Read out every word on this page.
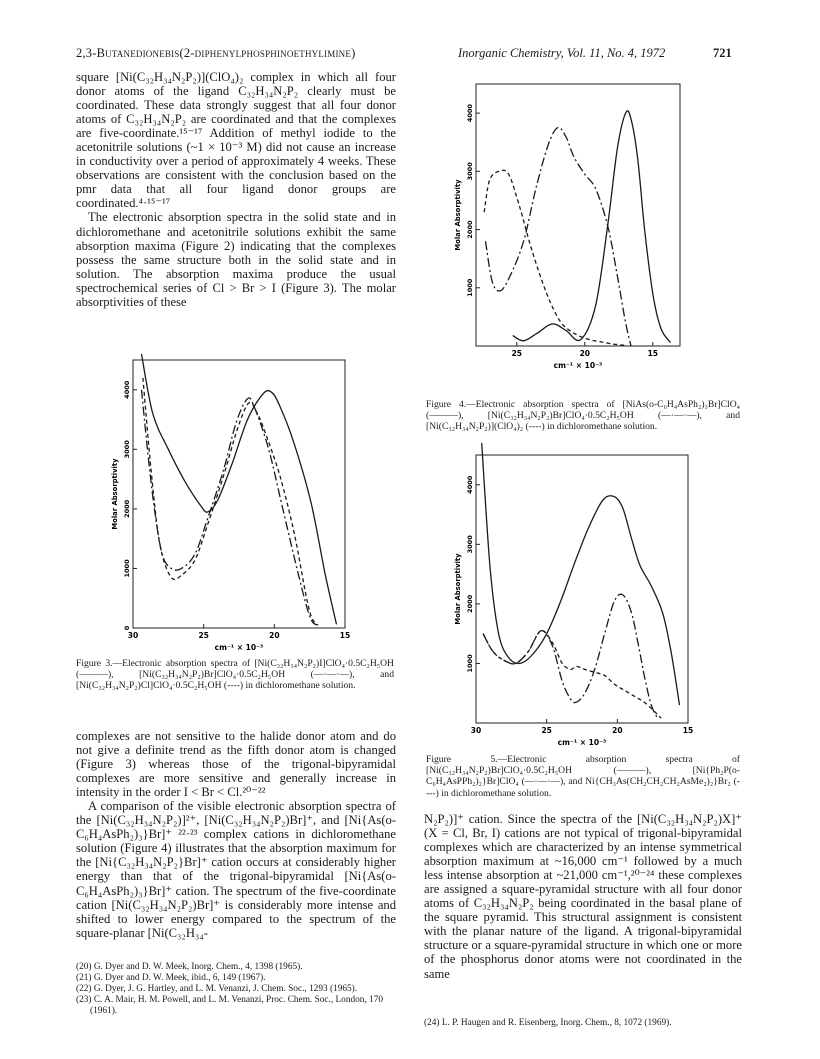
2,3-Butanedionebis(2-diphenylphosphinoethylimine)	Inorganic Chemistry, Vol. 11, No. 4, 1972	721

square [Ni(C₃₂H₃₄N₂P₂)](ClO₄)₂ complex in which all four donor atoms of the ligand C₃₂H₃₄N₂P₂ clearly must be coordinated. These data strongly suggest that all four donor atoms of C₃₂H₃₄N₂P₂ are coordinated and that the complexes are five-coordinate.¹⁵⁻¹⁷ Addition of methyl iodide to the acetonitrile solutions (~1 × 10⁻³ M) did not cause an increase in conductivity over a period of approximately 4 weeks. These observations are consistent with the conclusion based on the pmr data that all four ligand donor groups are coordinated.⁴·¹⁵⁻¹⁷

The electronic absorption spectra in the solid state and in dichloromethane and acetonitrile solutions exhibit the same absorption maxima (Figure 2) indicating that the complexes possess the same structure both in the solid state and in solution. The absorption maxima produce the usual spectrochemical series of Cl > Br > I (Figure 3). The molar absorptivities of these

30	25	20	15
0
1000
2000
3000
4000
cm⁻¹ × 10⁻³
Molar Absorptivity
Figure 3.—Electronic absorption spectra of [Ni(C₃₂H₃₄N₂P₂)I]ClO₄·0.5C₂H₅OH (———), [Ni(C₃₂H₃₄N₂P₂)Br]ClO₄·0.5C₂H₅OH (—·—·—), and [Ni(C₃₂H₃₄N₂P₂)Cl]ClO₄·0.5C₂H₅OH (----) in dichloromethane solution.

complexes are not sensitive to the halide donor atom and do not give a definite trend as the fifth donor atom is changed (Figure 3) whereas those of the trigonal-bipyramidal complexes are more sensitive and generally increase in intensity in the order I < Br < Cl.²⁰⁻²²

A comparison of the visible electronic absorption spectra of the [Ni(C₃₂H₃₄N₂P₂)]²⁺, [Ni(C₃₂H₃₄N₂P₂)Br]⁺, and [Ni{As(o-C₆H₄AsPh₂)₃}Br]⁺ ²²·²³ complex cations in dichloromethane solution (Figure 4) illustrates that the absorption maximum for the [Ni{C₃₂H₃₄N₂P₂}Br]⁺ cation occurs at considerably higher energy than that of the trigonal-bipyramidal [Ni{As(o-C₆H₄AsPh₂)₃}Br]⁺ cation. The spectrum of the five-coordinate cation [Ni(C₃₂H₃₄N₂P₂)Br]⁺ is considerably more intense and shifted to lower energy compared to the spectrum of the square-planar [Ni(C₃₂H₃₄-

(20) G. Dyer and D. W. Meek, Inorg. Chem., 4, 1398 (1965).

(21) G. Dyer and D. W. Meek, ibid., 6, 149 (1967).

(22) G. Dyer, J. G. Hartley, and L. M. Venanzi, J. Chem. Soc., 1293 (1965).

(23) C. A. Mair, H. M. Powell, and L. M. Venanzi, Proc. Chem. Soc., London, 170 (1961).

25	20	15
1000
2000
3000
4000
cm⁻¹ × 10⁻³
Molar Absorptivity
Figure 4.—Electronic absorption spectra of [NiAs(o-C₆H₄AsPh₂)₃Br]ClO₄ (———), [Ni(C₃₂H₃₄N₂P₂)Br]ClO₄·0.5C₂H₅OH (—·—·—), and [Ni(C₃₂H₃₄N₂P₂)](ClO₄)₂ (----) in dichloromethane solution.
30	25	20	15
1000
2000
3000
4000
cm⁻¹ × 10⁻³
Molar Absorptivity
Figure 5.—Electronic absorption spectra of [Ni(C₃₂H₃₄N₂P₂)Br]ClO₄·0.5C₂H₅OH (———), [Ni{Ph₂P(o-C₆H₄AsPPh₂)₂}Br]ClO₄ (—·—·—), and Ni{CH₃As(CH₂CH₂CH₂AsMe₂)₂}Br₂ (----) in dichloromethane solution.

N₂P₂)]⁺ cation. Since the spectra of the [Ni(C₃₂H₃₄N₂P₂)X]⁺ (X = Cl, Br, I) cations are not typical of trigonal-bipyramidal complexes which are characterized by an intense symmetrical absorption maximum at ~16,000 cm⁻¹ followed by a much less intense absorption at ~21,000 cm⁻¹,²⁰⁻²⁴ these complexes are assigned a square-pyramidal structure with all four donor atoms of C₃₂H₃₄N₂P₂ being coordinated in the basal plane of the square pyramid. This structural assignment is consistent with the planar nature of the ligand. A trigonal-bipyramidal structure or a square-pyramidal structure in which one or more of the phosphorus donor atoms were not coordinated in the same

(24) L. P. Haugen and R. Eisenberg, Inorg. Chem., 8, 1072 (1969).
